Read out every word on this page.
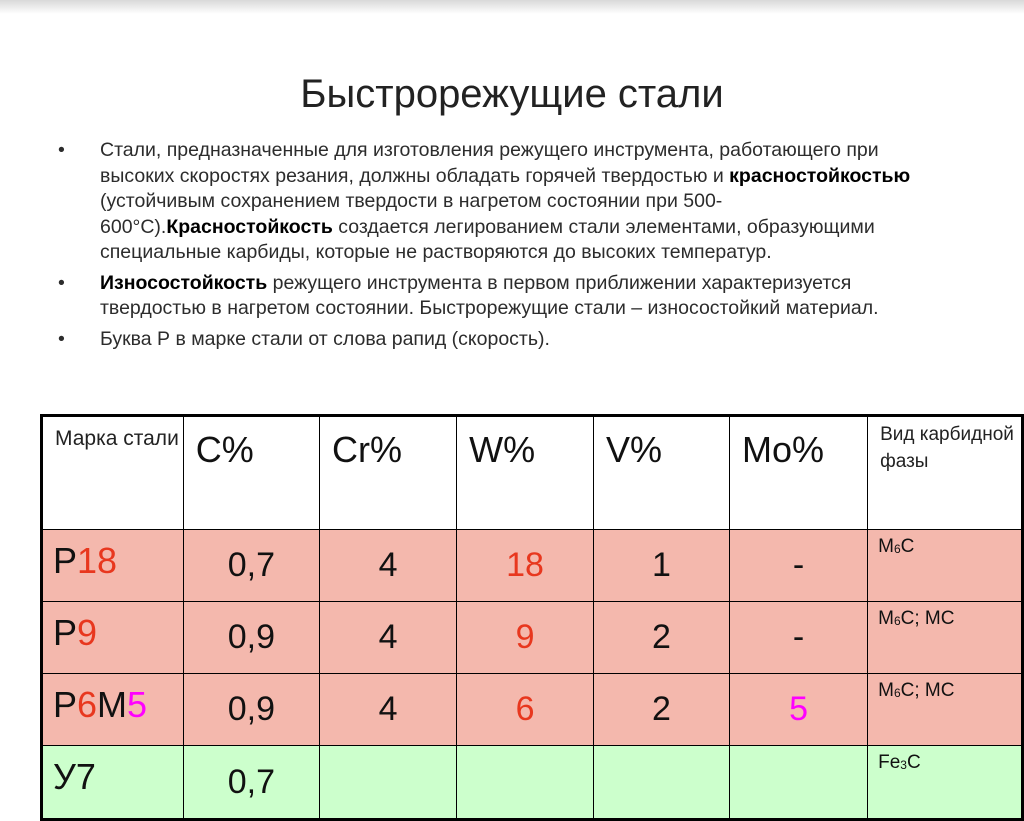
Быстрорежущие стали
• Стали, предназначенные для изготовления режущего инструмента, работающего при высоких скоростях резания, должны обладать горячей твердостью и красностойкостью (устойчивым сохранением твердости в нагретом состоянии при 500-600°С).Красностойкость создается легированием стали элементами, образующими специальные карбиды, которые не растворяются до высоких температур.
• Износостойкость режущего инструмента в первом приближении характеризуется твердостью в нагретом состоянии. Быстрорежущие стали – износостойкий материал.
• Буква Р в марке стали от слова рапид (скорость).
Марка стали	С%	Cr%	W%	V%	Mo%	Вид карбидной фазы
Р18	0,7	4	18	1	-	$M_6C$
Р9	0,9	4	9	2	-	$M_6C$; MC
Р6М5	0,9	4	6	2	5	$M_6C$; MC
У7	0,7					$Fe_3C$
